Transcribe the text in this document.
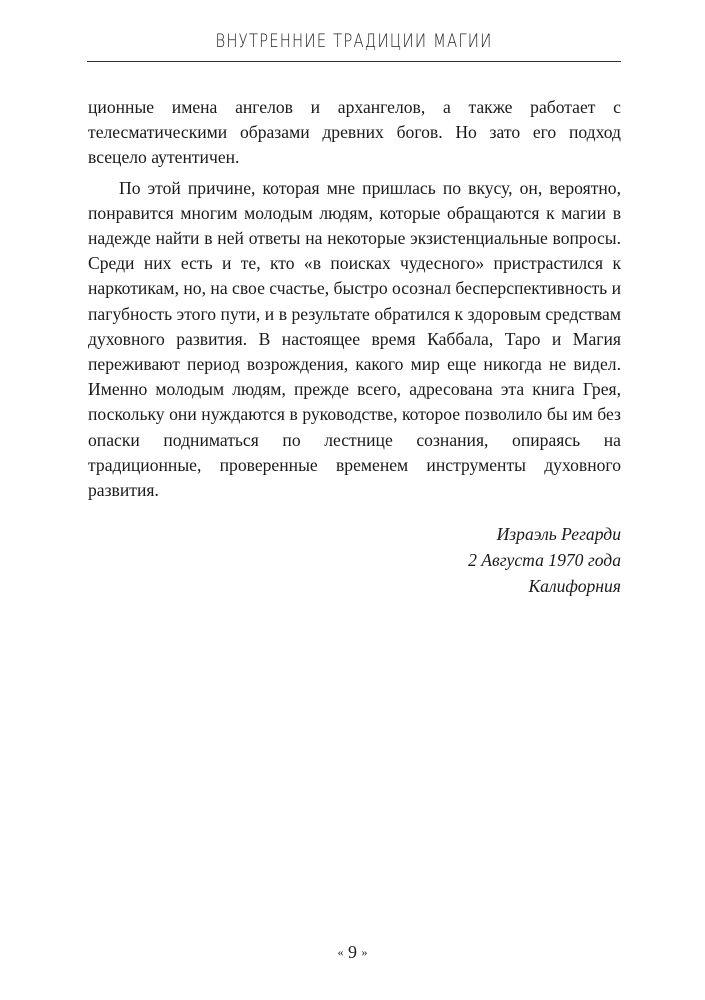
ВНУТРЕННИЕ ТРАДИЦИИ МАГИИ

ционные имена ангелов и архангелов, а также работает с телесматическими образами древних богов. Но зато его подход всецело аутентичен.

По этой причине, которая мне пришлась по вкусу, он, вероятно, понравится многим молодым людям, которые обращаются к магии в надежде найти в ней ответы на некоторые экзистенциальные вопросы. Среди них есть и те, кто «в поисках чудесного» пристрастился к наркотикам, но, на свое счастье, быстро осознал бесперспективность и пагубность этого пути, и в результате обратился к здоровым средствам духовного развития. В настоящее время Каббала, Таро и Магия переживают период возрождения, какого мир еще никогда не видел. Именно молодым людям, прежде всего, адресована эта книга Грея, поскольку они нуждаются в руководстве, которое позволило бы им без опаски подниматься по лестнице сознания, опираясь на традиционные, проверенные временем инструменты духовного развития.

Израэль Регарди
2 Августа 1970 года
Калифорния
« 9 »
